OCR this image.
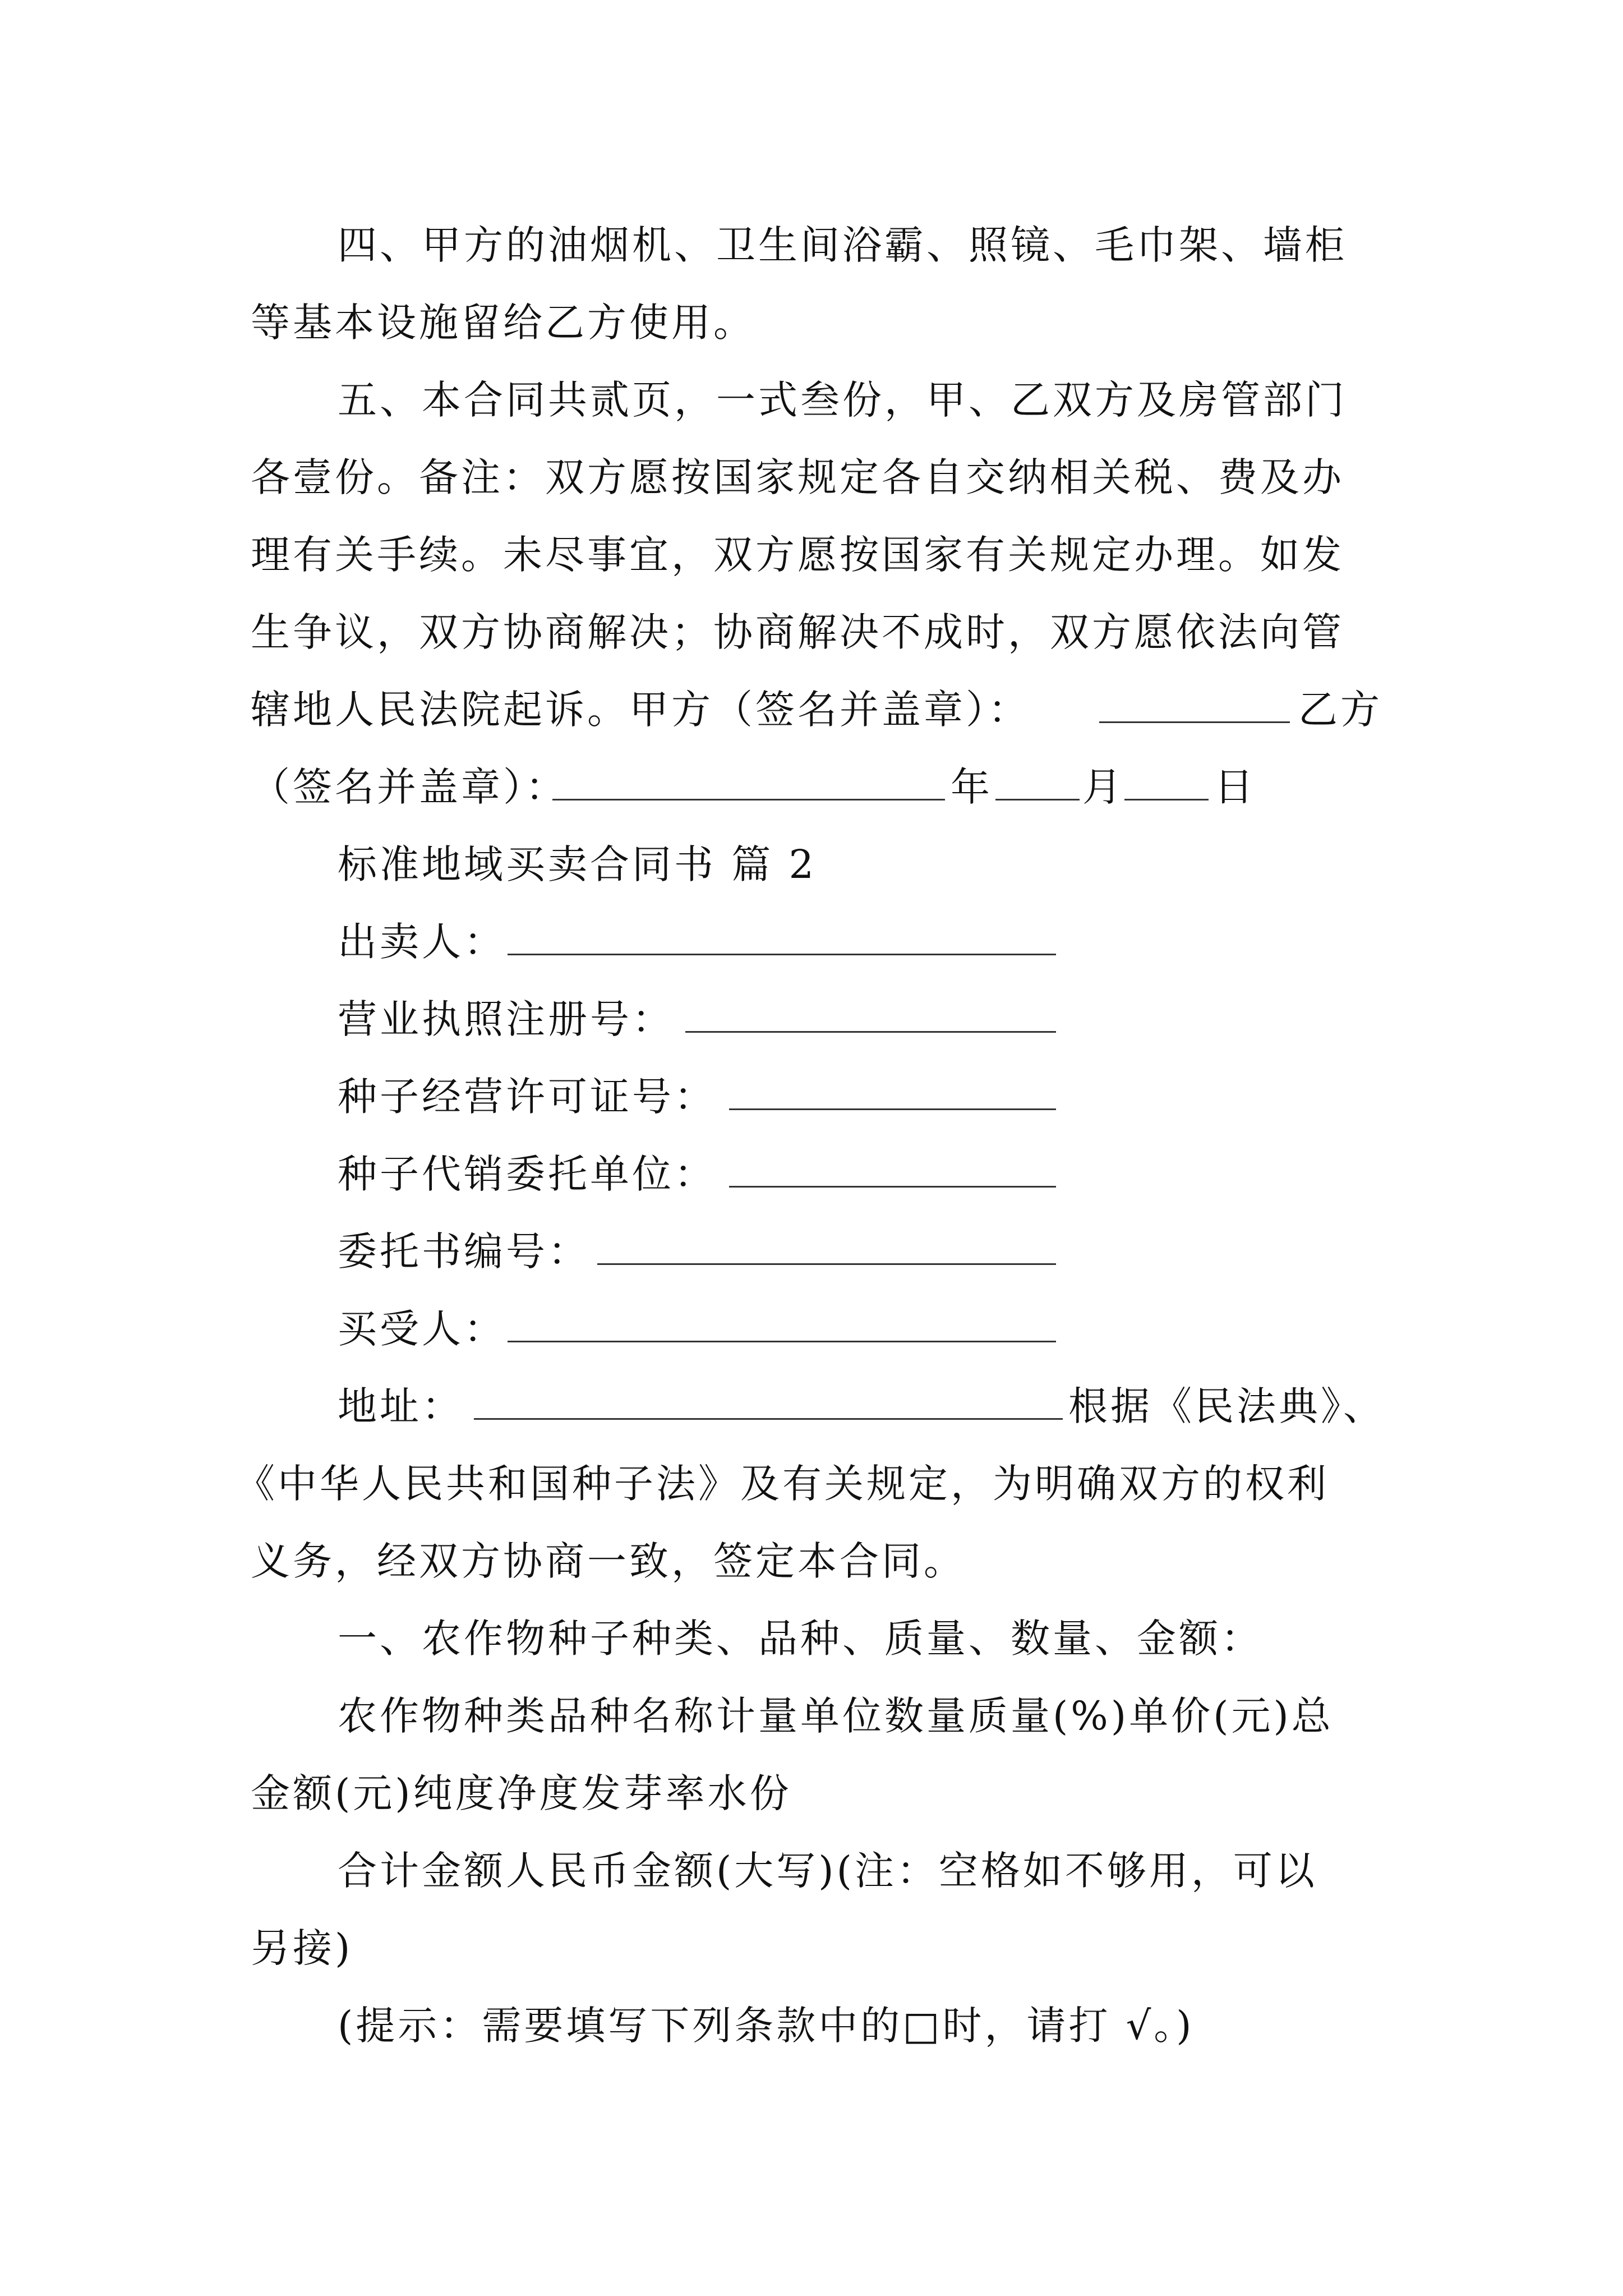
四、甲方的油烟机、卫生间浴霸、照镜、毛巾架、墙柜
等基本设施留给乙方使用。
五、本合同共贰页，一式叁份，甲、乙双方及房管部门
各壹份。备注：双方愿按国家规定各自交纳相关税、费及办
理有关手续。未尽事宜，双方愿按国家有关规定办理。如发
生争议，双方协商解决；协商解决不成时，双方愿依法向管
辖地人民法院起诉。甲方（签名并盖章）：	乙方
（签名并盖章）：	年 月 日
标准地域买卖合同书 篇 2
出卖人：
营业执照注册号：
种子经营许可证号：
种子代销委托单位：
委托书编号：
买受人：
地址：	根据《民法典》、
《中华人民共和国种子法》及有关规定，为明确双方的权利
义务，经双方协商一致，签定本合同。
一、农作物种子种类、品种、质量、数量、金额：
农作物种类品种名称计量单位数量质量(%)单价(元)总
金额(元)纯度净度发芽率水份
合计金额人民币金额(大写)(注：空格如不够用，可以
另接)
(提示：需要填写下列条款中的□时，请打 √。)
